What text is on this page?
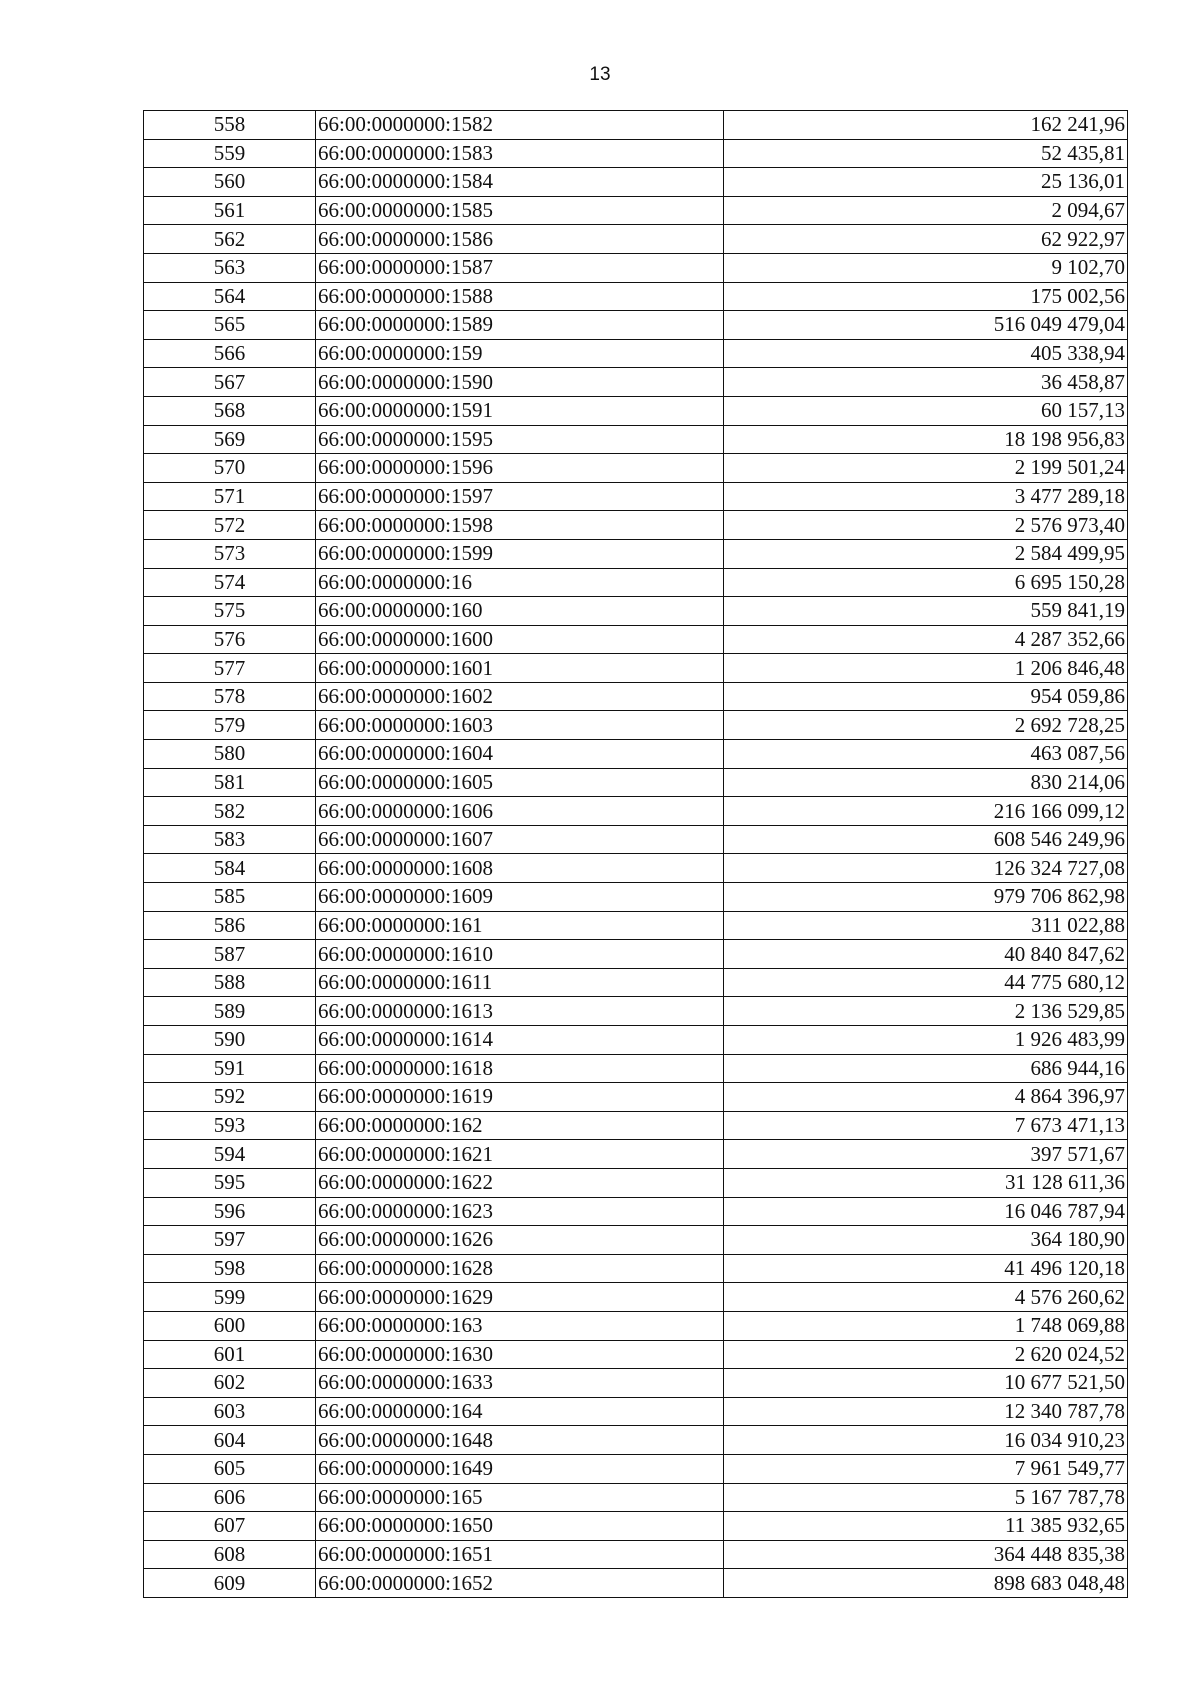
13
558	66:00:0000000:1582	162 241,96
559	66:00:0000000:1583	52 435,81
560	66:00:0000000:1584	25 136,01
561	66:00:0000000:1585	2 094,67
562	66:00:0000000:1586	62 922,97
563	66:00:0000000:1587	9 102,70
564	66:00:0000000:1588	175 002,56
565	66:00:0000000:1589	516 049 479,04
566	66:00:0000000:159	405 338,94
567	66:00:0000000:1590	36 458,87
568	66:00:0000000:1591	60 157,13
569	66:00:0000000:1595	18 198 956,83
570	66:00:0000000:1596	2 199 501,24
571	66:00:0000000:1597	3 477 289,18
572	66:00:0000000:1598	2 576 973,40
573	66:00:0000000:1599	2 584 499,95
574	66:00:0000000:16	6 695 150,28
575	66:00:0000000:160	559 841,19
576	66:00:0000000:1600	4 287 352,66
577	66:00:0000000:1601	1 206 846,48
578	66:00:0000000:1602	954 059,86
579	66:00:0000000:1603	2 692 728,25
580	66:00:0000000:1604	463 087,56
581	66:00:0000000:1605	830 214,06
582	66:00:0000000:1606	216 166 099,12
583	66:00:0000000:1607	608 546 249,96
584	66:00:0000000:1608	126 324 727,08
585	66:00:0000000:1609	979 706 862,98
586	66:00:0000000:161	311 022,88
587	66:00:0000000:1610	40 840 847,62
588	66:00:0000000:1611	44 775 680,12
589	66:00:0000000:1613	2 136 529,85
590	66:00:0000000:1614	1 926 483,99
591	66:00:0000000:1618	686 944,16
592	66:00:0000000:1619	4 864 396,97
593	66:00:0000000:162	7 673 471,13
594	66:00:0000000:1621	397 571,67
595	66:00:0000000:1622	31 128 611,36
596	66:00:0000000:1623	16 046 787,94
597	66:00:0000000:1626	364 180,90
598	66:00:0000000:1628	41 496 120,18
599	66:00:0000000:1629	4 576 260,62
600	66:00:0000000:163	1 748 069,88
601	66:00:0000000:1630	2 620 024,52
602	66:00:0000000:1633	10 677 521,50
603	66:00:0000000:164	12 340 787,78
604	66:00:0000000:1648	16 034 910,23
605	66:00:0000000:1649	7 961 549,77
606	66:00:0000000:165	5 167 787,78
607	66:00:0000000:1650	11 385 932,65
608	66:00:0000000:1651	364 448 835,38
609	66:00:0000000:1652	898 683 048,48
